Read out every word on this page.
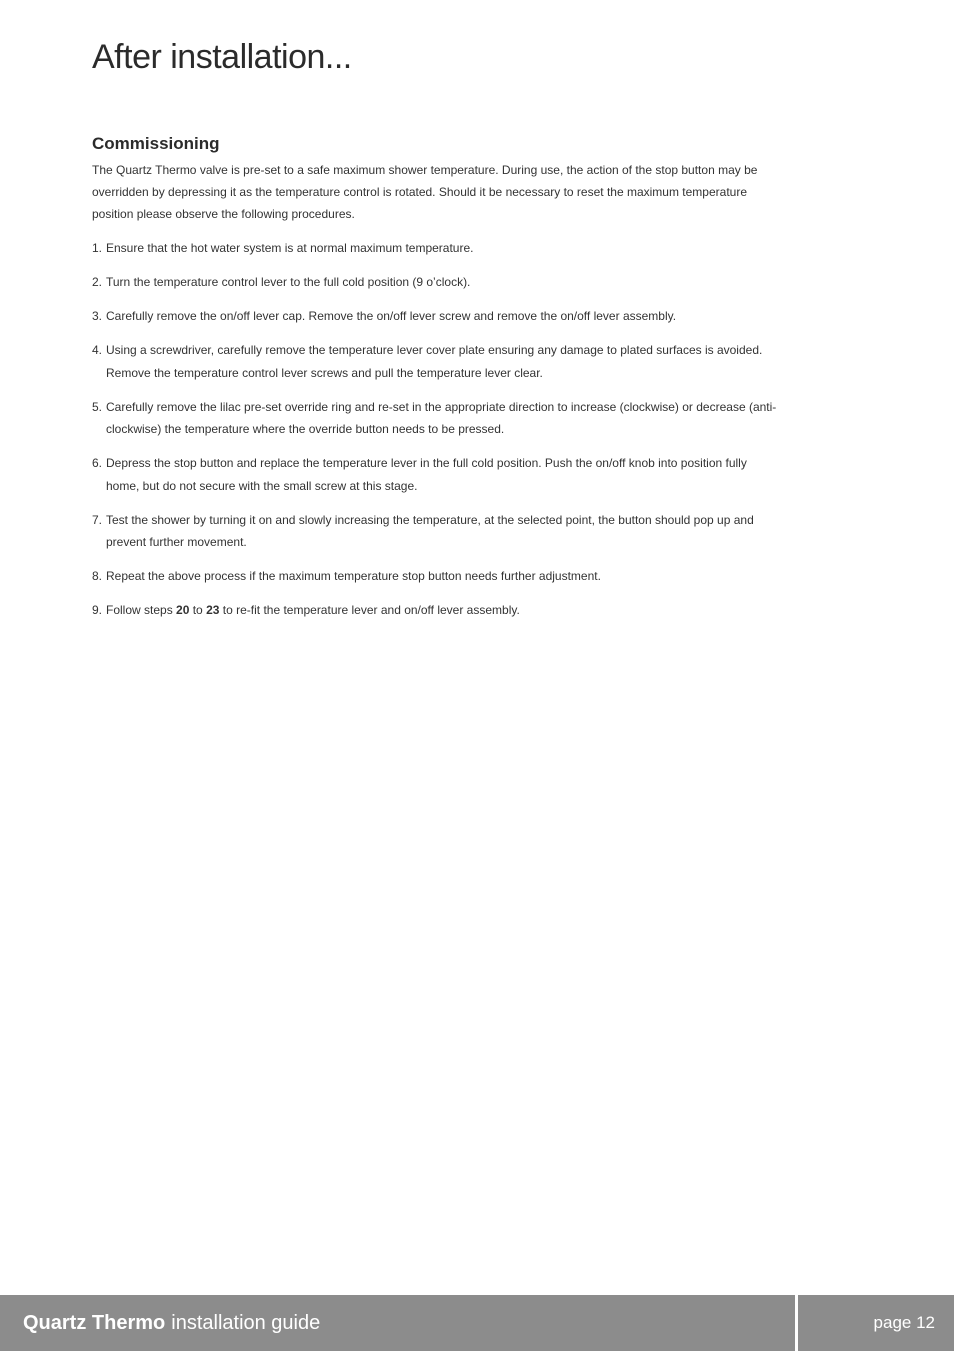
After installation...
Commissioning

The Quartz Thermo valve is pre-set to a safe maximum shower temperature. During use, the action of the stop button may be overridden by depressing it as the temperature control is rotated. Should it be necessary to reset the maximum temperature position please observe the following procedures.

1. Ensure that the hot water system is at normal maximum temperature.
2. Turn the temperature control lever to the full cold position (9 o’clock).
3. Carefully remove the on/off lever cap. Remove the on/off lever screw and remove the on/off lever assembly.
4. Using a screwdriver, carefully remove the temperature lever cover plate ensuring any damage to plated surfaces is avoided. Remove the temperature control lever screws and pull the temperature lever clear.
5. Carefully remove the lilac pre-set override ring and re-set in the appropriate direction to increase (clockwise) or decrease (anti-clockwise) the temperature where the override button needs to be pressed.
6. Depress the stop button and replace the temperature lever in the full cold position. Push the on/off knob into position fully home, but do not secure with the small screw at this stage.
7. Test the shower by turning it on and slowly increasing the temperature, at the selected point, the button should pop up and prevent further movement.
8. Repeat the above process if the maximum temperature stop button needs further adjustment.
9. Follow steps 20 to 23 to re-fit the temperature lever and on/off lever assembly.
Quartz Thermo installation guide	page 12
